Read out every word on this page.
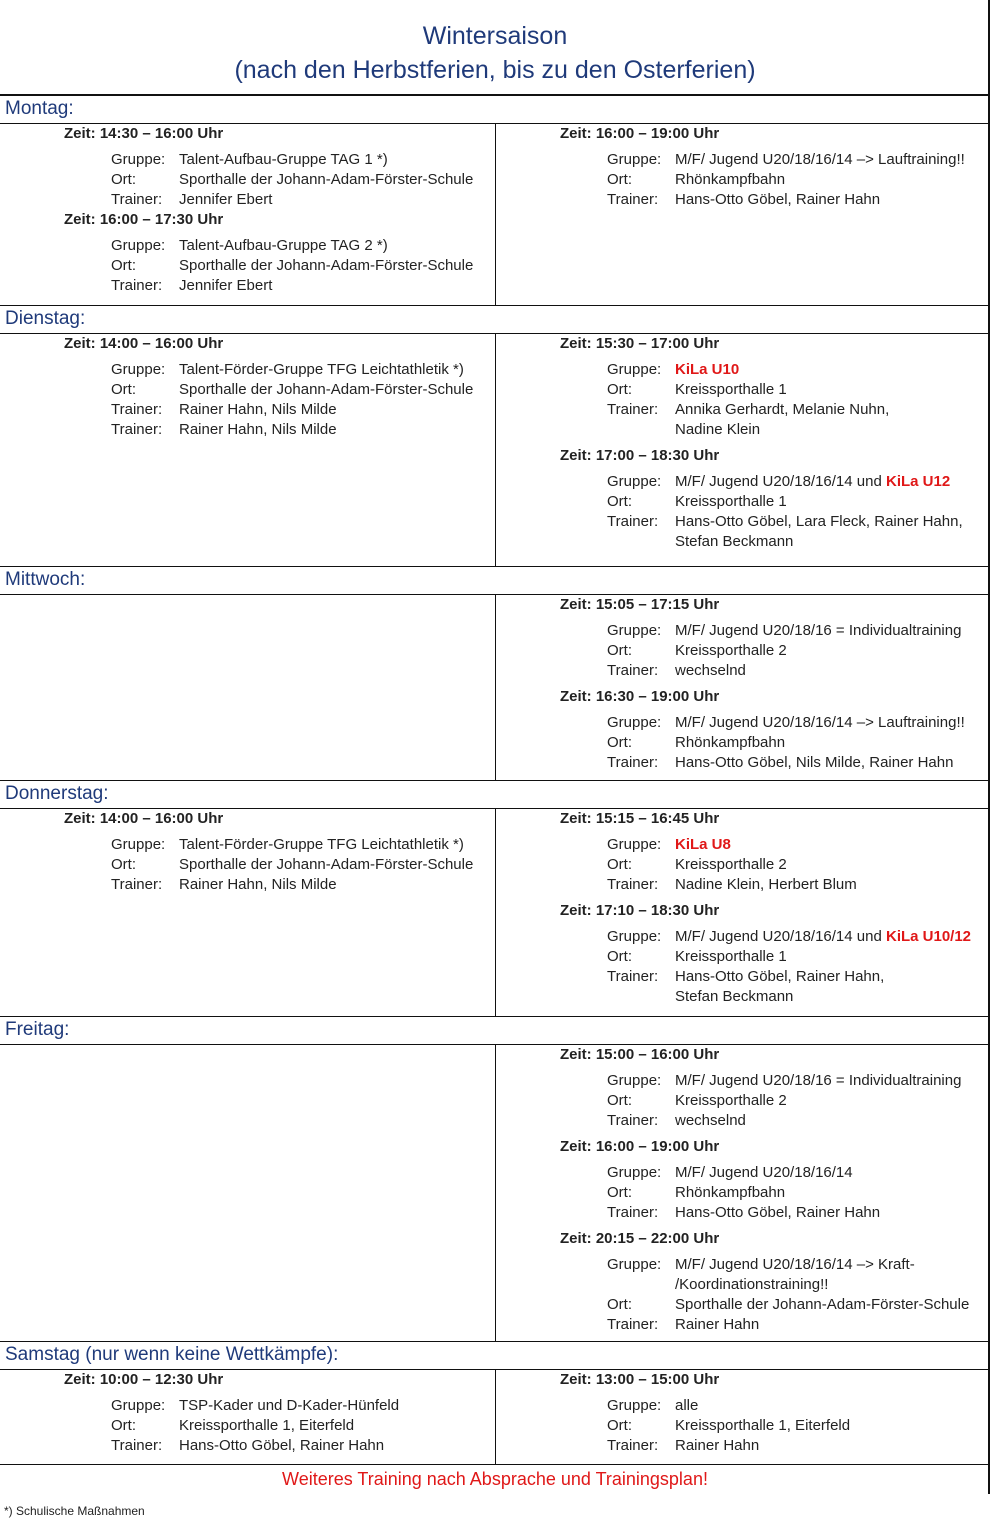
Wintersaison
(nach den Herbstferien, bis zu den Osterferien)
Montag:
Zeit: 14:30 – 16:00 Uhr
Gruppe: Talent-Aufbau-Gruppe TAG 1 *)
Ort:	Sporthalle der Johann-Adam-Förster-Schule
Trainer: Jennifer Ebert
Zeit: 16:00 – 17:30 Uhr
Gruppe: Talent-Aufbau-Gruppe TAG 2 *)
Ort:	Sporthalle der Johann-Adam-Förster-Schule
Trainer: Jennifer Ebert
Zeit: 16:00 – 19:00 Uhr
Gruppe: M/F/ Jugend U20/18/16/14 –> Lauftraining!!
Ort:	Rhönkampfbahn
Trainer: Hans-Otto Göbel, Rainer Hahn
Dienstag:
Zeit: 14:00 – 16:00 Uhr
Gruppe: Talent-Förder-Gruppe TFG Leichtathletik *)
Ort:	Sporthalle der Johann-Adam-Förster-Schule
Trainer: Rainer Hahn, Nils Milde
Trainer: Rainer Hahn, Nils Milde
Zeit: 15:30 – 17:00 Uhr
Gruppe: KiLa U10
Ort:	Kreissporthalle 1
Trainer: Annika Gerhardt, Melanie Nuhn,
Nadine Klein
Zeit: 17:00 – 18:30 Uhr
Gruppe: M/F/ Jugend U20/18/16/14 und KiLa U12
Ort:	Kreissporthalle 1
Trainer: Hans-Otto Göbel, Lara Fleck, Rainer Hahn,
Stefan Beckmann
Mittwoch:
Zeit: 15:05 – 17:15 Uhr
Gruppe: M/F/ Jugend U20/18/16 = Individualtraining
Ort:	Kreissporthalle 2
Trainer: wechselnd
Zeit: 16:30 – 19:00 Uhr
Gruppe: M/F/ Jugend U20/18/16/14 –> Lauftraining!!
Ort:	Rhönkampfbahn
Trainer: Hans-Otto Göbel, Nils Milde, Rainer Hahn
Donnerstag:
Zeit: 14:00 – 16:00 Uhr
Gruppe: Talent-Förder-Gruppe TFG Leichtathletik *)
Ort:	Sporthalle der Johann-Adam-Förster-Schule
Trainer: Rainer Hahn, Nils Milde
Zeit: 15:15 – 16:45 Uhr
Gruppe: KiLa U8
Ort:	Kreissporthalle 2
Trainer: Nadine Klein, Herbert Blum
Zeit: 17:10 – 18:30 Uhr
Gruppe: M/F/ Jugend U20/18/16/14 und KiLa U10/12
Ort:	Kreissporthalle 1
Trainer: Hans-Otto Göbel, Rainer Hahn,
Stefan Beckmann
Freitag:
Zeit: 15:00 – 16:00 Uhr
Gruppe: M/F/ Jugend U20/18/16 = Individualtraining
Ort:	Kreissporthalle 2
Trainer: wechselnd
Zeit: 16:00 – 19:00 Uhr
Gruppe: M/F/ Jugend U20/18/16/14
Ort:	Rhönkampfbahn
Trainer: Hans-Otto Göbel, Rainer Hahn
Zeit: 20:15 – 22:00 Uhr
Gruppe: M/F/ Jugend U20/18/16/14 –> Kraft-
/Koordinationstraining!!
Ort:	Sporthalle der Johann-Adam-Förster-Schule
Trainer: Rainer Hahn
Samstag (nur wenn keine Wettkämpfe):
Zeit: 10:00 – 12:30 Uhr
Gruppe: TSP-Kader und D-Kader-Hünfeld
Ort:	Kreissporthalle 1, Eiterfeld
Trainer: Hans-Otto Göbel, Rainer Hahn
Zeit: 13:00 – 15:00 Uhr
Gruppe: alle
Ort:	Kreissporthalle 1, Eiterfeld
Trainer: Rainer Hahn
Weiteres Training nach Absprache und Trainingsplan!
*) Schulische Maßnahmen
